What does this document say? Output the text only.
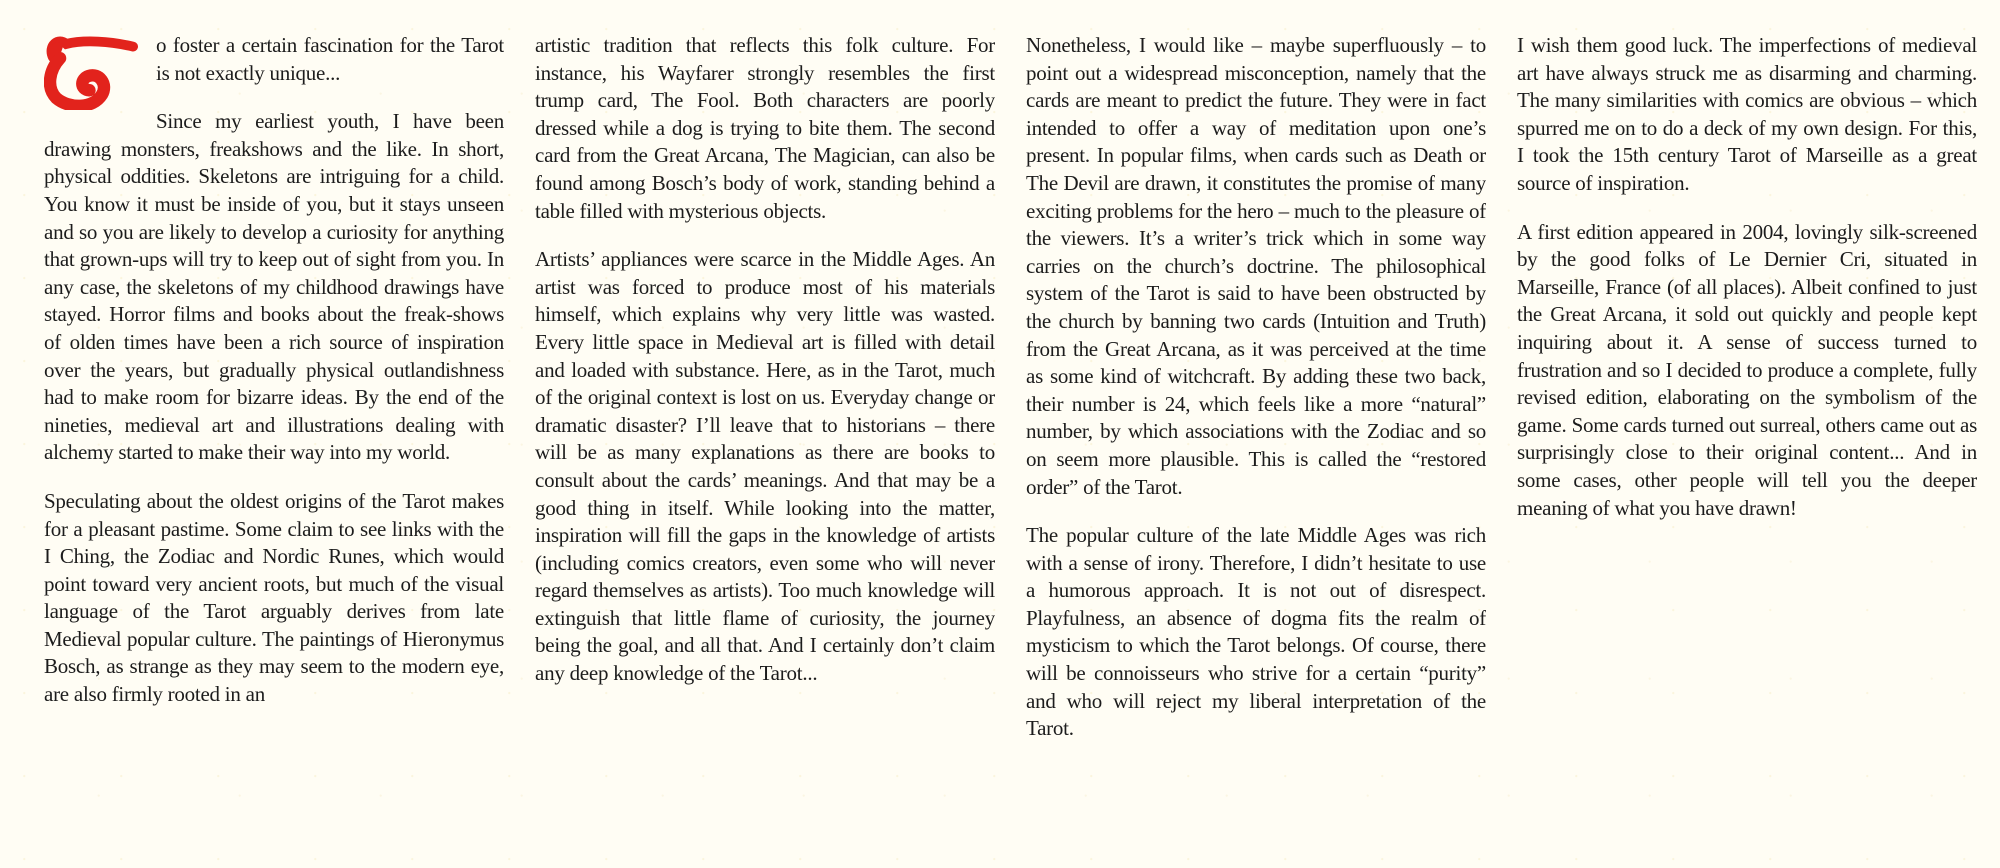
o foster a certain fascination for the Tarot is not exactly unique...

Since my earliest youth, I have been drawing monsters, freakshows and the like. In short, physical oddities. Skeletons are intriguing for a child. You know it must be inside of you, but it stays unseen and so you are likely to develop a curiosity for anything that grown-ups will try to keep out of sight from you. In any case, the skeletons of my childhood drawings have stayed. Horror films and books about the freak-shows of olden times have been a rich source of inspiration over the years, but gradually physical outlandishness had to make room for bizarre ideas. By the end of the nineties, medieval art and illustrations dealing with alchemy started to make their way into my world.

Speculating about the oldest origins of the Tarot makes for a pleasant pastime. Some claim to see links with the I Ching, the Zodiac and Nordic Runes, which would point toward very ancient roots, but much of the visual language of the Tarot arguably derives from late Medieval popular culture. The paintings of Hieronymus Bosch, as strange as they may seem to the modern eye, are also firmly rooted in an

artistic tradition that reflects this folk culture. For instance, his Wayfarer strongly resembles the first trump card, The Fool. Both characters are poorly dressed while a dog is trying to bite them. The second card from the Great Arcana, The Magician, can also be found among Bosch’s body of work, standing behind a table filled with mysterious objects.

Artists’ appliances were scarce in the Middle Ages. An artist was forced to produce most of his materials himself, which explains why very little was wasted. Every little space in Medieval art is filled with detail and loaded with substance. Here, as in the Tarot, much of the original context is lost on us. Everyday change or dramatic disaster? I’ll leave that to historians – there will be as many explanations as there are books to consult about the cards’ meanings. And that may be a good thing in itself. While looking into the matter, inspiration will fill the gaps in the knowledge of artists (including comics creators, even some who will never regard themselves as artists). Too much knowledge will extinguish that little flame of curiosity, the journey being the goal, and all that. And I certainly don’t claim any deep knowledge of the Tarot...

Nonetheless, I would like – maybe superfluously – to point out a widespread misconception, namely that the cards are meant to predict the future. They were in fact intended to offer a way of meditation upon one’s present. In popular films, when cards such as Death or The Devil are drawn, it constitutes the promise of many exciting problems for the hero – much to the pleasure of the viewers. It’s a writer’s trick which in some way carries on the church’s doctrine. The philosophical system of the Tarot is said to have been obstructed by the church by banning two cards (Intuition and Truth) from the Great Arcana, as it was perceived at the time as some kind of witchcraft. By adding these two back, their number is 24, which feels like a more “natural” number, by which associations with the Zodiac and so on seem more plausible. This is called the “restored order” of the Tarot.

The popular culture of the late Middle Ages was rich with a sense of irony. Therefore, I didn’t hesitate to use a humorous approach. It is not out of disrespect. Playfulness, an absence of dogma fits the realm of mysticism to which the Tarot belongs. Of course, there will be connoisseurs who strive for a certain “purity” and who will reject my liberal interpretation of the Tarot.

I wish them good luck. The imperfections of medieval art have always struck me as disarming and charming. The many similarities with comics are obvious – which spurred me on to do a deck of my own design. For this, I took the 15th century Tarot of Marseille as a great source of inspiration.

A first edition appeared in 2004, lovingly silk-screened by the good folks of Le Dernier Cri, situated in Marseille, France (of all places). Albeit confined to just the Great Arcana, it sold out quickly and people kept inquiring about it. A sense of success turned to frustration and so I decided to produce a complete, fully revised edition, elaborating on the symbolism of the game. Some cards turned out surreal, others came out as surprisingly close to their original content... And in some cases, other people will tell you the deeper meaning of what you have drawn!
